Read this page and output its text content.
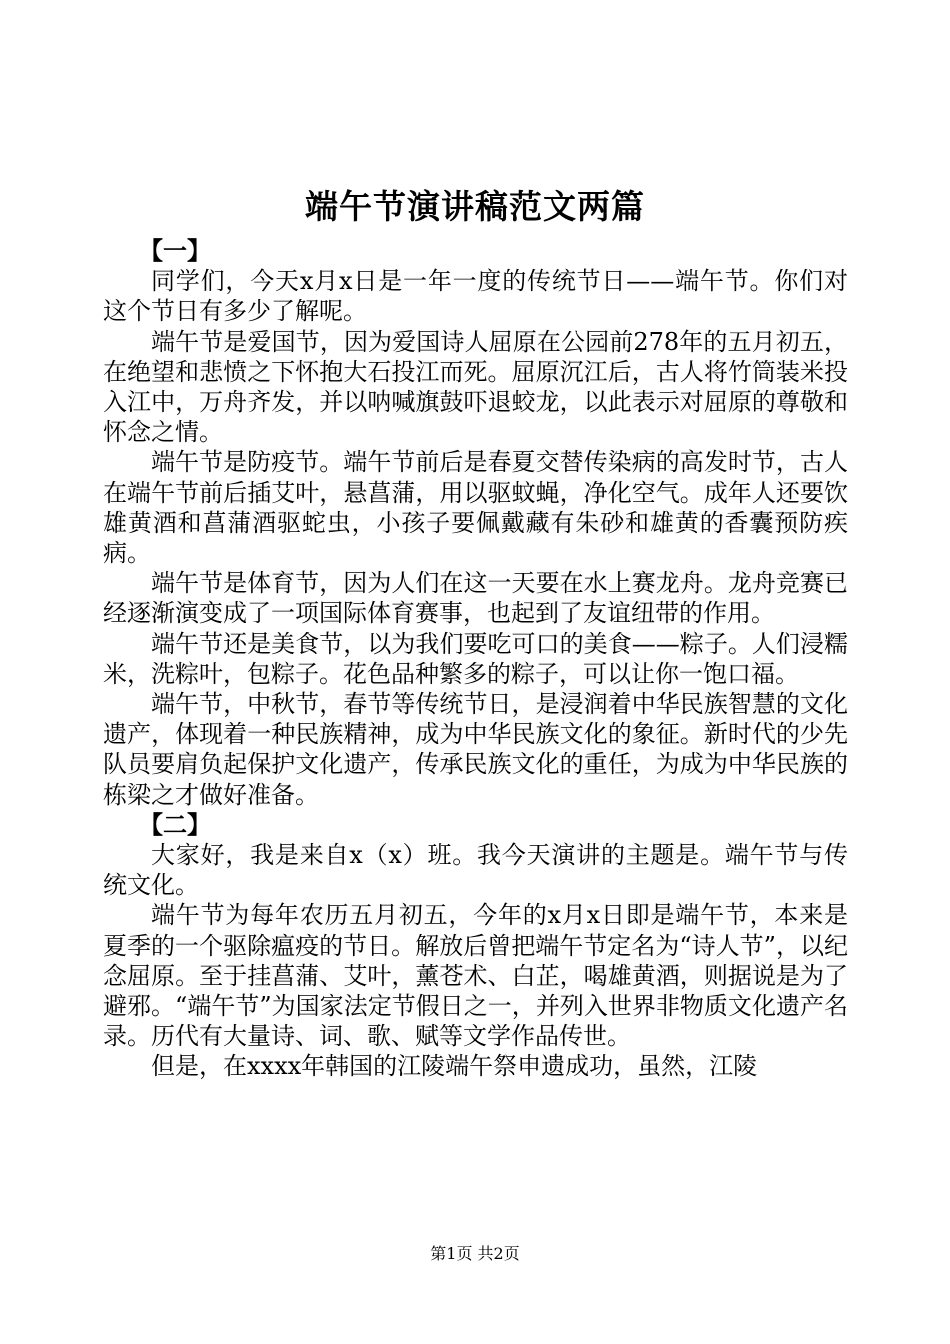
端午节演讲稿范文两篇

【一】

同学们，今天x月x日是一年一度的传统节日——端午节。你们对这个节日有多少了解呢。

端午节是爱国节，因为爱国诗人屈原在公园前278年的五月初五，在绝望和悲愤之下怀抱大石投江而死。屈原沉江后，古人将竹筒装米投入江中，万舟齐发，并以呐喊旗鼓吓退蛟龙，以此表示对屈原的尊敬和怀念之情。

端午节是防疫节。端午节前后是春夏交替传染病的高发时节，古人在端午节前后插艾叶，悬菖蒲，用以驱蚊蝇，净化空气。成年人还要饮雄黄酒和菖蒲酒驱蛇虫，小孩子要佩戴藏有朱砂和雄黄的香囊预防疾病。

端午节是体育节，因为人们在这一天要在水上赛龙舟。龙舟竞赛已经逐渐演变成了一项国际体育赛事，也起到了友谊纽带的作用。

端午节还是美食节，以为我们要吃可口的美食——粽子。人们浸糯米，洗粽叶，包粽子。花色品种繁多的粽子，可以让你一饱口福。

端午节，中秋节，春节等传统节日，是浸润着中华民族智慧的文化遗产，体现着一种民族精神，成为中华民族文化的象征。新时代的少先队员要肩负起保护文化遗产，传承民族文化的重任，为成为中华民族的栋梁之才做好准备。

【二】

大家好，我是来自x（x）班。我今天演讲的主题是。端午节与传统文化。

端午节为每年农历五月初五，今年的x月x日即是端午节，本来是夏季的一个驱除瘟疫的节日。解放后曾把端午节定名为“诗人节”，以纪念屈原。至于挂菖蒲、艾叶，薰苍术、白芷，喝雄黄酒，则据说是为了避邪。“端午节”为国家法定节假日之一，并列入世界非物质文化遗产名录。历代有大量诗、词、歌、赋等文学作品传世。

但是，在xxxx年韩国的江陵端午祭申遗成功，虽然，江陵

第1页 共2页
